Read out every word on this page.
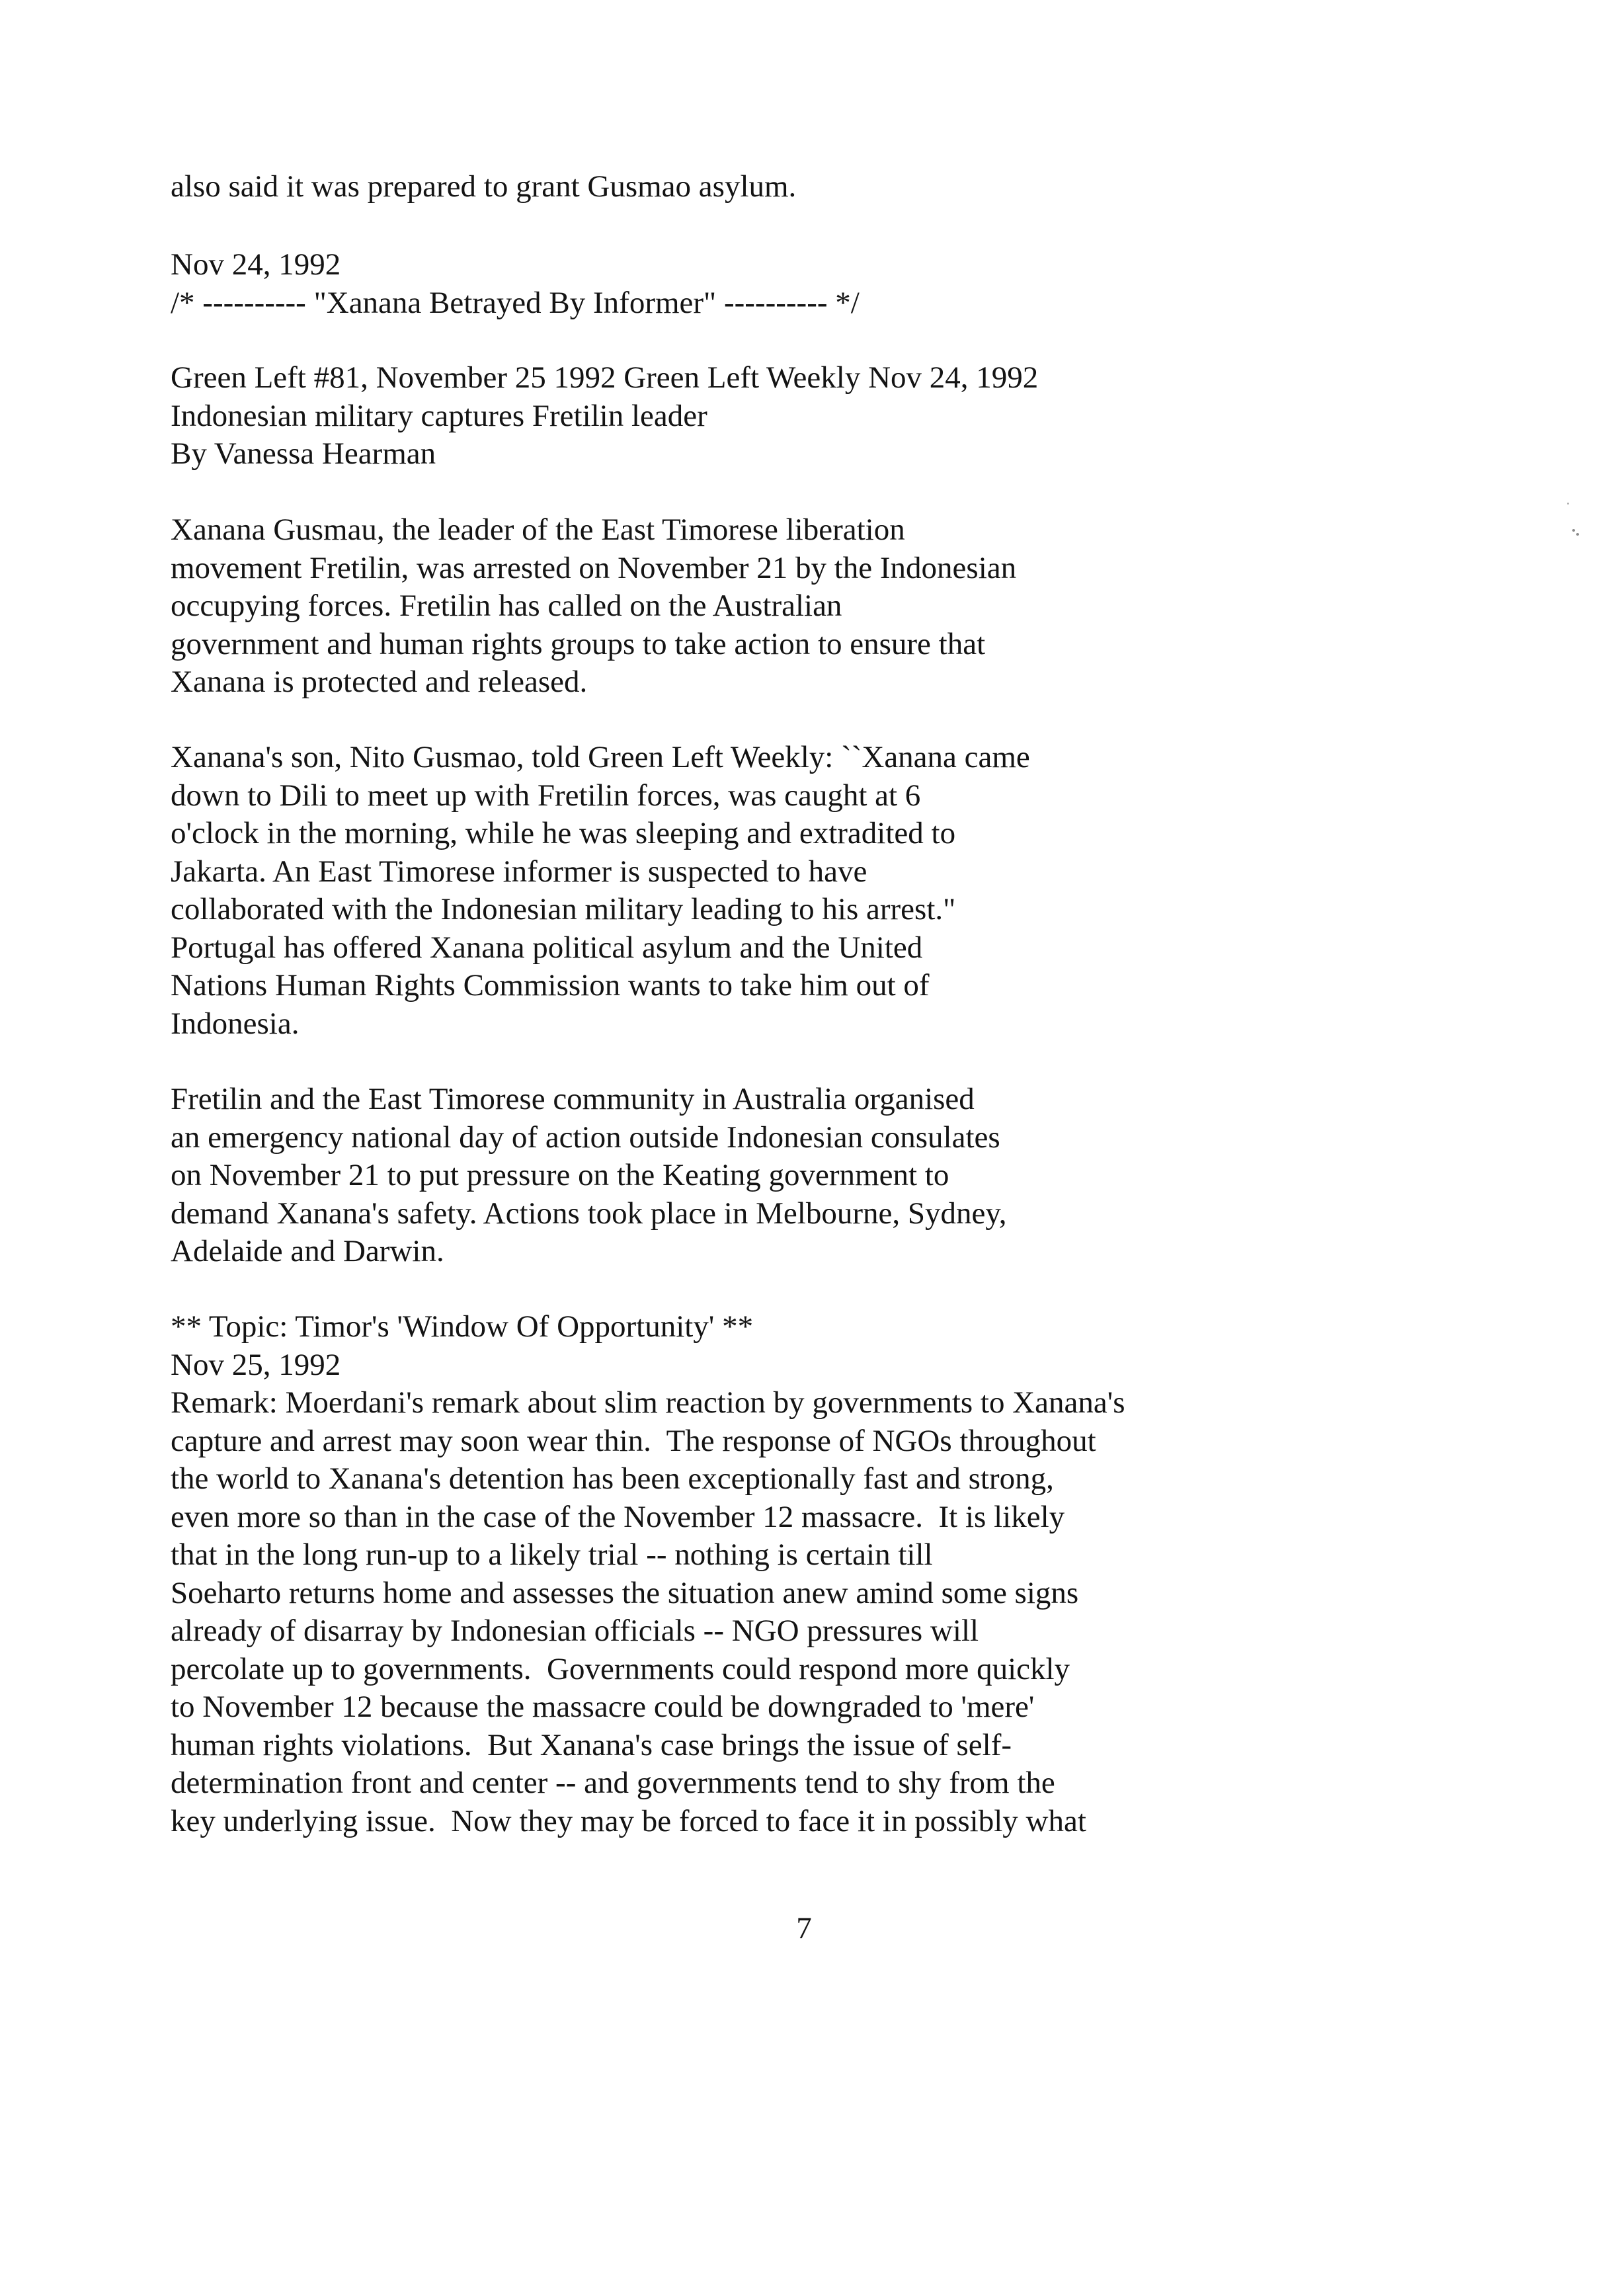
also said it was prepared to grant Gusmao asylum.

Nov 24, 1992
/* ---------- "Xanana Betrayed By Informer" ---------- */
Green Left #81, November 25 1992 Green Left Weekly Nov 24, 1992
Indonesian military captures Fretilin leader
By Vanessa Hearman

Xanana Gusmau, the leader of the East Timorese liberation
movement Fretilin, was arrested on November 21 by the Indonesian
occupying forces. Fretilin has called on the Australian
government and human rights groups to take action to ensure that
Xanana is protected and released.

Xanana's son, Nito Gusmao, told Green Left Weekly: ``Xanana came
down to Dili to meet up with Fretilin forces, was caught at 6
o'clock in the morning, while he was sleeping and extradited to
Jakarta. An East Timorese informer is suspected to have
collaborated with the Indonesian military leading to his arrest."
Portugal has offered Xanana political asylum and the United
Nations Human Rights Commission wants to take him out of
Indonesia.

Fretilin and the East Timorese community in Australia organised
an emergency national day of action outside Indonesian consulates
on November 21 to put pressure on the Keating government to
demand Xanana's safety. Actions took place in Melbourne, Sydney,
Adelaide and Darwin.

** Topic: Timor's 'Window Of Opportunity' **
Nov 25, 1992
Remark: Moerdani's remark about slim reaction by governments to Xanana's
capture and arrest may soon wear thin.  The response of NGOs throughout
the world to Xanana's detention has been exceptionally fast and strong,
even more so than in the case of the November 12 massacre.  It is likely
that in the long run-up to a likely trial -- nothing is certain till
Soeharto returns home and assesses the situation anew amind some signs
already of disarray by Indonesian officials -- NGO pressures will
percolate up to governments.  Governments could respond more quickly
to November 12 because the massacre could be downgraded to 'mere'
human rights violations.  But Xanana's case brings the issue of self-
determination front and center -- and governments tend to shy from the
key underlying issue.  Now they may be forced to face it in possibly what
7
